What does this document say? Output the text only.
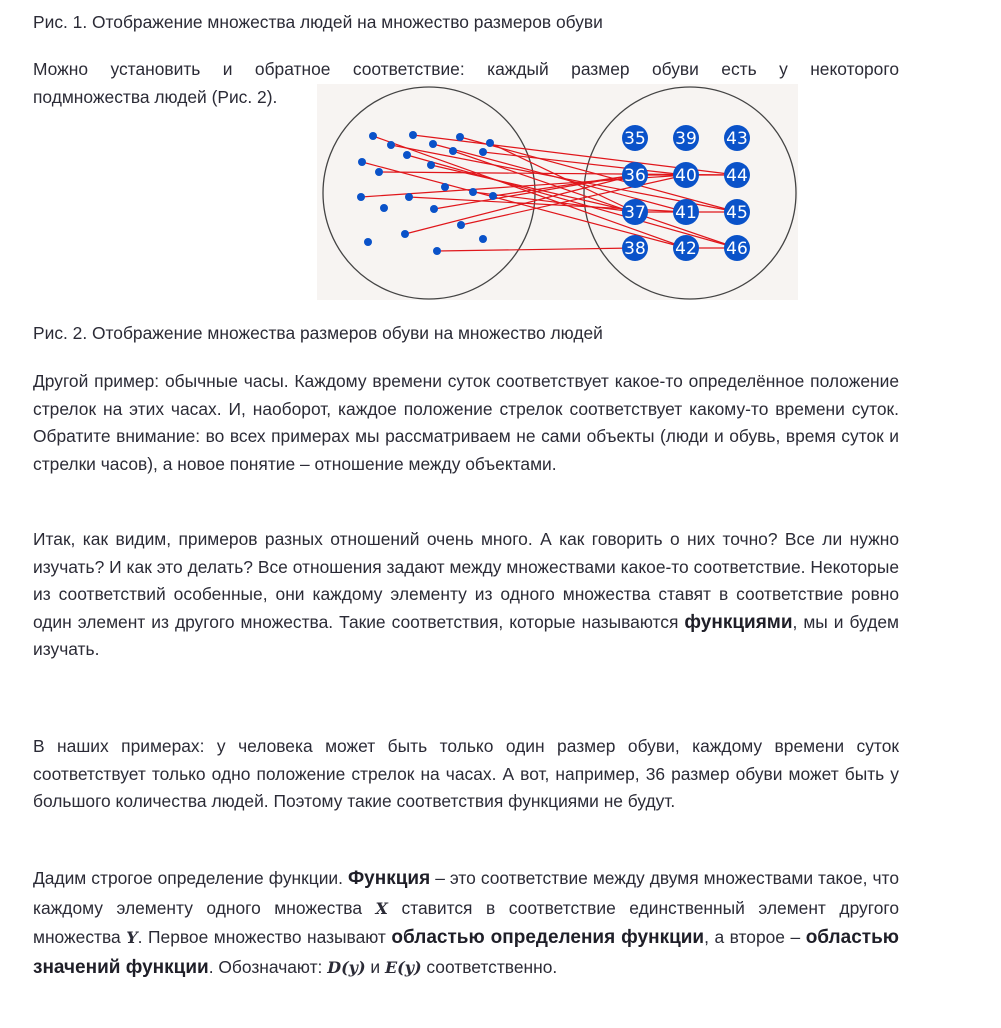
Рис. 1. Отображение множества людей на множество размеров обуви

Можно установить и обратное соответствие: каждый размер обуви есть у некоторого
подмножества людей (Рис. 2).
35
36
37
38
39
40
41
42
43
44
45
46

Рис. 2. Отображение множества размеров обуви на множество людей

Другой пример: обычные часы. Каждому времени суток соответствует какое-то определённое положение стрелок на этих часах. И, наоборот, каждое положение стрелок соответствует какому-то времени суток. Обратите внимание: во всех примерах мы рассматриваем не сами объекты (люди и обувь, время суток и стрелки часов), а новое понятие – отношение между объектами.

Итак, как видим, примеров разных отношений очень много. А как говорить о них точно? Все ли нужно изучать? И как это делать? Все отношения задают между множествами какое-то соответствие. Некоторые из соответствий особенные, они каждому элементу из одного множества ставят в соответствие ровно один элемент из другого множества. Такие соответствия, которые называются функциями, мы и будем изучать.

В наших примерах: у человека может быть только один размер обуви, каждому времени суток соответствует только одно положение стрелок на часах. А вот, например, 36 размер обуви может быть у большого количества людей. Поэтому такие соответствия функциями не будут.

Дадим строгое определение функции. Функция – это соответствие между двумя множествами такое, что каждому элементу одного множества X ставится в соответствие единственный элемент другого множества Y. Первое множество называют областью определения функции, а второе – областью значений функции. Обозначают: D(y) и E(y) соответственно.
